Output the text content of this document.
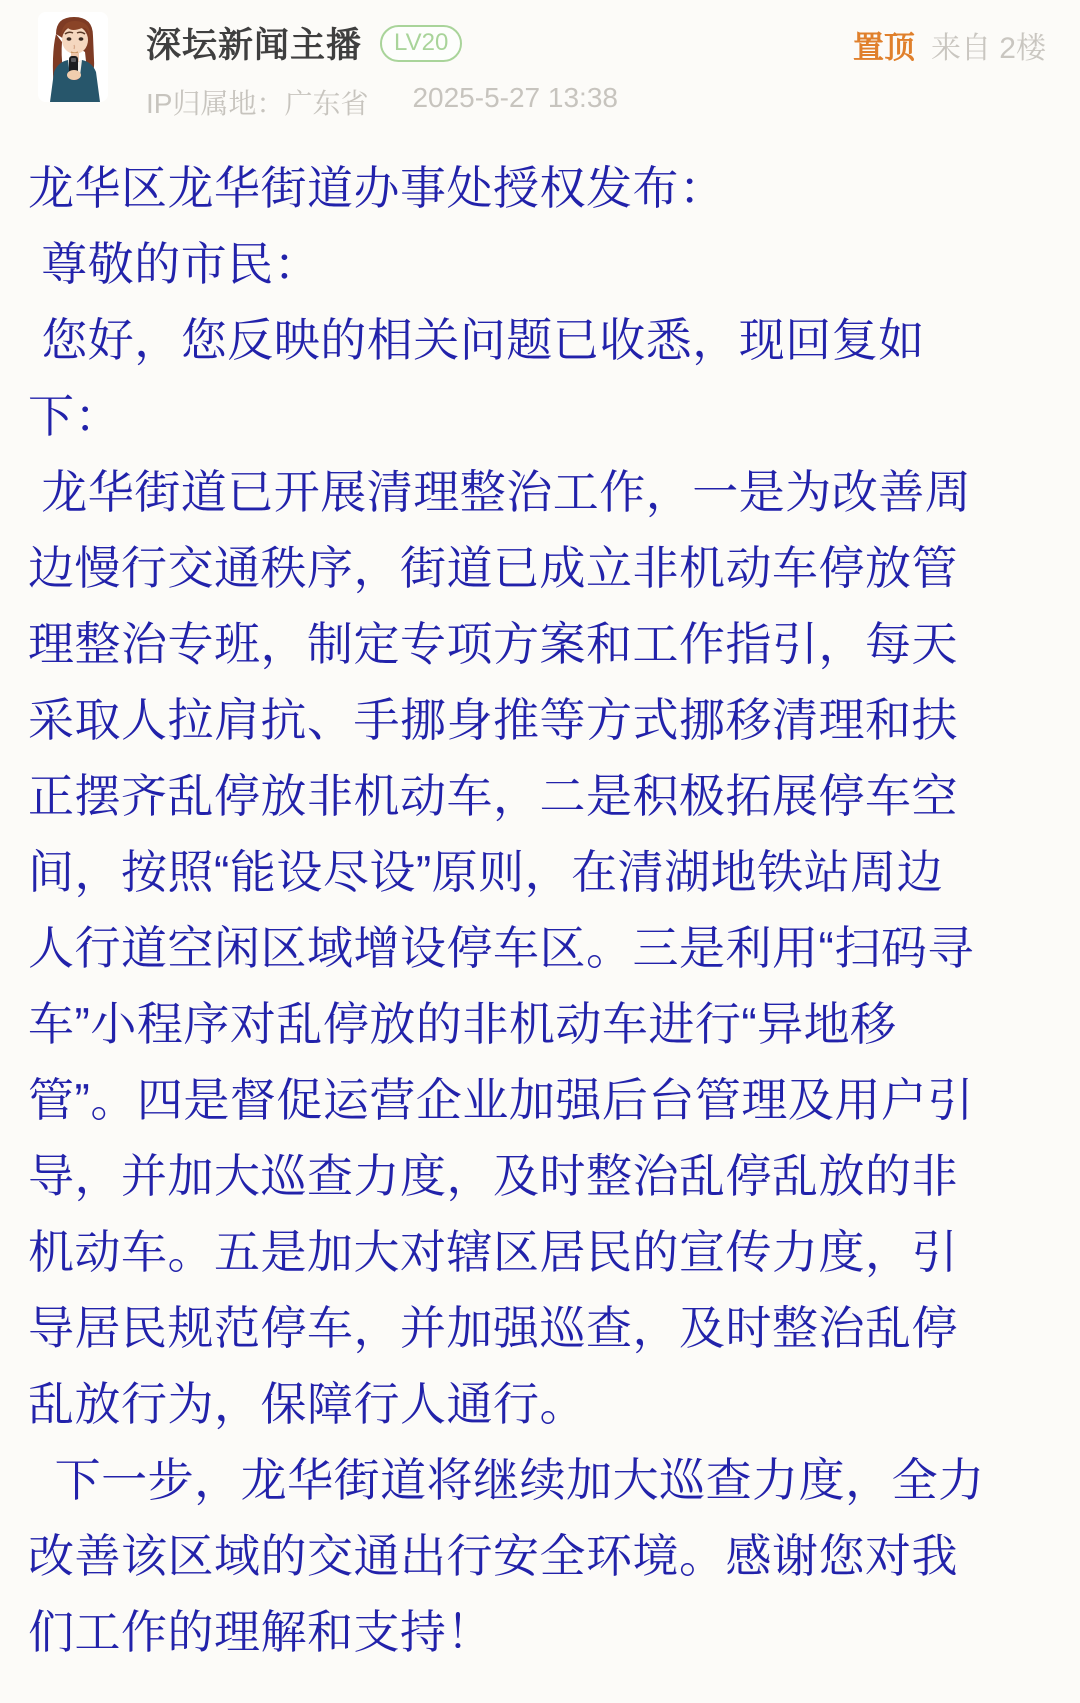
深坛新闻主播	LV20
IP归属地：广东省 2025-5-27 13:38
置顶 来自 2楼
龙华区龙华街道办事处授权发布：
尊敬的市民：
您好，您反映的相关问题已收悉，现回复如
下：
龙华街道已开展清理整治工作，一是为改善周
边慢行交通秩序，街道已成立非机动车停放管
理整治专班，制定专项方案和工作指引，每天
采取人拉肩抗、手挪身推等方式挪移清理和扶
正摆齐乱停放非机动车，二是积极拓展停车空
间，按照“能设尽设”原则，在清湖地铁站周边
人行道空闲区域增设停车区。三是利用“扫码寻
车”小程序对乱停放的非机动车进行“异地移
管”。四是督促运营企业加强后台管理及用户引
导，并加大巡查力度，及时整治乱停乱放的非
机动车。五是加大对辖区居民的宣传力度，引
导居民规范停车，并加强巡查，及时整治乱停
乱放行为，保障行人通行。
下一步，龙华街道将继续加大巡查力度，全力
改善该区域的交通出行安全环境。感谢您对我
们工作的理解和支持！
